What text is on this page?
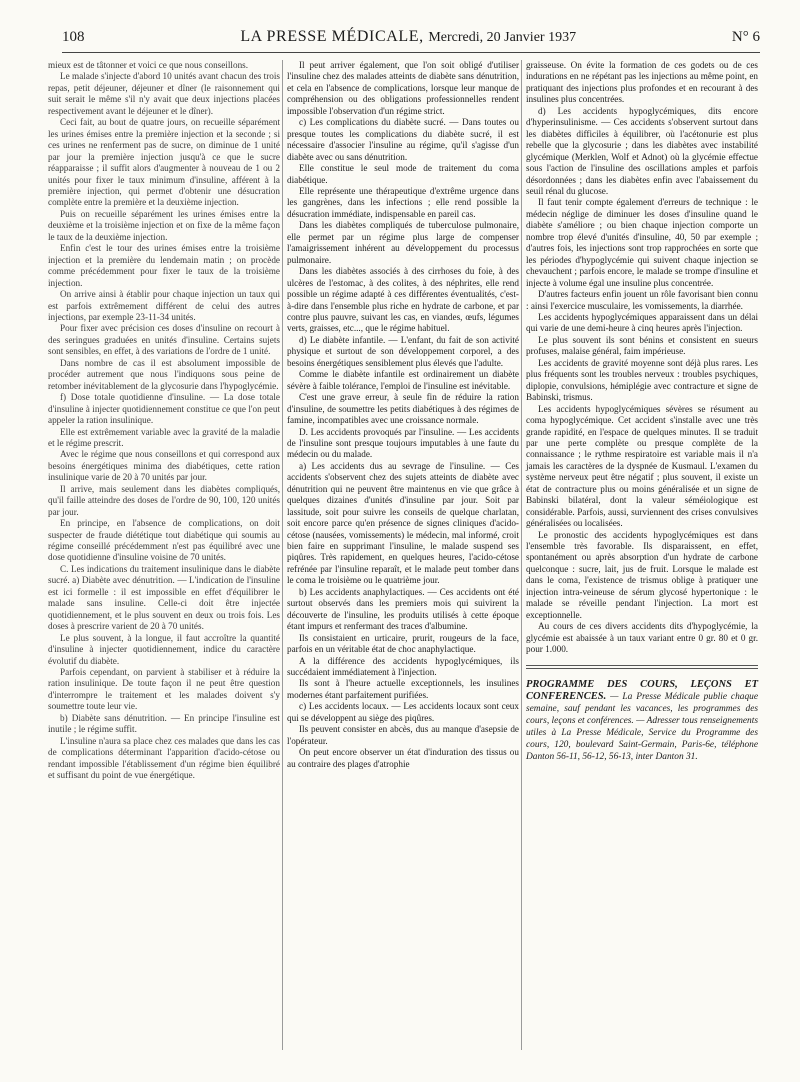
108	LA PRESSE MÉDICALE, Mercredi, 20 Janvier 1937	N° 6

mieux est de tâtonner et voici ce que nous conseillons.

Le malade s'injecte d'abord 10 unités avant chacun des trois repas, petit déjeuner, déjeuner et dîner (le raisonnement qui suit serait le même s'il n'y avait que deux injections placées respectivement avant le déjeuner et le dîner).

Ceci fait, au bout de quatre jours, on recueille séparément les urines émises entre la première injection et la seconde ; si ces urines ne renferment pas de sucre, on diminue de 1 unité par jour la première injection jusqu'à ce que le sucre réapparaisse ; il suffit alors d'augmenter à nouveau de 1 ou 2 unités pour fixer le taux minimum d'insuline, afférent à la première injection, qui permet d'obtenir une désucration complète entre la première et la deuxième injection.

Puis on recueille séparément les urines émises entre la deuxième et la troisième injection et on fixe de la même façon le taux de la deuxième injection.

Enfin c'est le tour des urines émises entre la troisième injection et la première du lendemain matin ; on procède comme précédemment pour fixer le taux de la troisième injection.

On arrive ainsi à établir pour chaque injection un taux qui est parfois extrêmement différent de celui des autres injections, par exemple 23-11-34 unités.

Pour fixer avec précision ces doses d'insuline on recourt à des seringues graduées en unités d'insuline. Certains sujets sont sensibles, en effet, à des variations de l'ordre de 1 unité.

Dans nombre de cas il est absolument impossible de procéder autrement que nous l'indiquons sous peine de retomber inévitablement de la glycosurie dans l'hypoglycémie.

f) Dose totale quotidienne d'insuline. — La dose totale d'insuline à injecter quotidiennement constitue ce que l'on peut appeler la ration insulinique.

Elle est extrêmement variable avec la gravité de la maladie et le régime prescrit.

Avec le régime que nous conseillons et qui correspond aux besoins énergétiques minima des diabétiques, cette ration insulinique varie de 20 à 70 unités par jour.

Il arrive, mais seulement dans les diabètes compliqués, qu'il faille atteindre des doses de l'ordre de 90, 100, 120 unités par jour.

En principe, en l'absence de complications, on doit suspecter de fraude diététique tout diabétique qui soumis au régime conseillé précédemment n'est pas équilibré avec une dose quotidienne d'insuline voisine de 70 unités.

C. Les indications du traitement insulinique dans le diabète sucré. a) Diabète avec dénutrition. — L'indication de l'insuline est ici formelle : il est impossible en effet d'équilibrer le malade sans insuline. Celle-ci doit être injectée quotidiennement, et le plus souvent en deux ou trois fois. Les doses à prescrire varient de 20 à 70 unités.

Le plus souvent, à la longue, il faut accroître la quantité d'insuline à injecter quotidiennement, indice du caractère évolutif du diabète.

Parfois cependant, on parvient à stabiliser et à réduire la ration insulinique. De toute façon il ne peut être question d'interrompre le traitement et les malades doivent s'y soumettre toute leur vie.

b) Diabète sans dénutrition. — En principe l'insuline est inutile ; le régime suffit.

L'insuline n'aura sa place chez ces malades que dans les cas de complications déterminant l'apparition d'acido-cétose ou rendant impossible l'établissement d'un régime bien équilibré et suffisant du point de vue énergétique.

Il peut arriver également, que l'on soit obligé d'utiliser l'insuline chez des malades atteints de diabète sans dénutrition, et cela en l'absence de complications, lorsque leur manque de compréhension ou des obligations professionnelles rendent impossible l'observation d'un régime strict.

c) Les complications du diabète sucré. — Dans toutes ou presque toutes les complications du diabète sucré, il est nécessaire d'associer l'insuline au régime, qu'il s'agisse d'un diabète avec ou sans dénutrition.

Elle constitue le seul mode de traitement du coma diabétique.

Elle représente une thérapeutique d'extrême urgence dans les gangrènes, dans les infections ; elle rend possible la désucration immédiate, indispensable en pareil cas.

Dans les diabètes compliqués de tuberculose pulmonaire, elle permet par un régime plus large de compenser l'amaigrissement inhérent au développement du processus pulmonaire.

Dans les diabètes associés à des cirrhoses du foie, à des ulcères de l'estomac, à des colites, à des néphrites, elle rend possible un régime adapté à ces différentes éventualités, c'est-à-dire dans l'ensemble plus riche en hydrate de carbone, et par contre plus pauvre, suivant les cas, en viandes, œufs, légumes verts, graisses, etc..., que le régime habituel.

d) Le diabète infantile. — L'enfant, du fait de son activité physique et surtout de son développement corporel, a des besoins énergétiques sensiblement plus élevés que l'adulte.

Comme le diabète infantile est ordinairement un diabète sévère à faible tolérance, l'emploi de l'insuline est inévitable.

C'est une grave erreur, à seule fin de réduire la ration d'insuline, de soumettre les petits diabétiques à des régimes de famine, incompatibles avec une croissance normale.

D. Les accidents provoqués par l'insuline. — Les accidents de l'insuline sont presque toujours imputables à une faute du médecin ou du malade.

a) Les accidents dus au sevrage de l'insuline. — Ces accidents s'observent chez des sujets atteints de diabète avec dénutrition qui ne peuvent être maintenus en vie que grâce à quelques dizaines d'unités d'insuline par jour. Soit par lassitude, soit pour suivre les conseils de quelque charlatan, soit encore parce qu'en présence de signes cliniques d'acido-cétose (nausées, vomissements) le médecin, mal informé, croit bien faire en supprimant l'insuline, le malade suspend ses piqûres. Très rapidement, en quelques heures, l'acido-cétose refrénée par l'insuline reparaît, et le malade peut tomber dans le coma le troisième ou le quatrième jour.

b) Les accidents anaphylactiques. — Ces accidents ont été surtout observés dans les premiers mois qui suivirent la découverte de l'insuline, les produits utilisés à cette époque étant impurs et renfermant des traces d'albumine.

Ils consistaient en urticaire, prurit, rougeurs de la face, parfois en un véritable état de choc anaphylactique.

A la différence des accidents hypoglycémiques, ils succédaient immédiatement à l'injection.

Ils sont à l'heure actuelle exceptionnels, les insulines modernes étant parfaitement purifiées.

c) Les accidents locaux. — Les accidents locaux sont ceux qui se développent au siège des piqûres.

Ils peuvent consister en abcès, dus au manque d'asepsie de l'opérateur.

On peut encore observer un état d'induration des tissus ou au contraire des plages d'atrophie

graisseuse. On évite la formation de ces godets ou de ces indurations en ne répétant pas les injections au même point, en pratiquant des injections plus profondes et en recourant à des insulines plus concentrées.

d) Les accidents hypoglycémiques, dits encore d'hyperinsulinisme. — Ces accidents s'observent surtout dans les diabètes difficiles à équilibrer, où l'acétonurie est plus rebelle que la glycosurie ; dans les diabètes avec instabilité glycémique (Merklen, Wolf et Adnot) où la glycémie effectue sous l'action de l'insuline des oscillations amples et parfois désordonnées ; dans les diabètes enfin avec l'abaissement du seuil rénal du glucose.

Il faut tenir compte également d'erreurs de technique : le médecin néglige de diminuer les doses d'insuline quand le diabète s'améliore ; ou bien chaque injection comporte un nombre trop élevé d'unités d'insuline, 40, 50 par exemple ; d'autres fois, les injections sont trop rapprochées en sorte que les périodes d'hypoglycémie qui suivent chaque injection se chevauchent ; parfois encore, le malade se trompe d'insuline et injecte à volume égal une insuline plus concentrée.

D'autres facteurs enfin jouent un rôle favorisant bien connu : ainsi l'exercice musculaire, les vomissements, la diarrhée.

Les accidents hypoglycémiques apparaissent dans un délai qui varie de une demi-heure à cinq heures après l'injection.

Le plus souvent ils sont bénins et consistent en sueurs profuses, malaise général, faim impérieuse.

Les accidents de gravité moyenne sont déjà plus rares. Les plus fréquents sont les troubles nerveux : troubles psychiques, diplopie, convulsions, hémiplégie avec contracture et signe de Babinski, trismus.

Les accidents hypoglycémiques sévères se résument au coma hypoglycémique. Cet accident s'installe avec une très grande rapidité, en l'espace de quelques minutes. Il se traduit par une perte complète ou presque complète de la connaissance ; le rythme respiratoire est variable mais il n'a jamais les caractères de la dyspnée de Kusmaul. L'examen du système nerveux peut être négatif ; plus souvent, il existe un état de contracture plus ou moins généralisée et un signe de Babinski bilatéral, dont la valeur séméiologique est considérable. Parfois, aussi, surviennent des crises convulsives généralisées ou localisées.

Le pronostic des accidents hypoglycémiques est dans l'ensemble très favorable. Ils disparaissent, en effet, spontanément ou après absorption d'un hydrate de carbone quelconque : sucre, lait, jus de fruit. Lorsque le malade est dans le coma, l'existence de trismus oblige à pratiquer une injection intra-veineuse de sérum glycosé hypertonique : le malade se réveille pendant l'injection. La mort est exceptionnelle.

Au cours de ces divers accidents dits d'hypoglycémie, la glycémie est abaissée à un taux variant entre 0 gr. 80 et 0 gr. pour 1.000.

PROGRAMME DES COURS, LEÇONS ET CONFERENCES. — La Presse Médicale publie chaque semaine, sauf pendant les vacances, les programmes des cours, leçons et conférences. — Adresser tous renseignements utiles à La Presse Médicale, Service du Programme des cours, 120, boulevard Saint-Germain, Paris-6e, téléphone Danton 56-11, 56-12, 56-13, inter Danton 31.
